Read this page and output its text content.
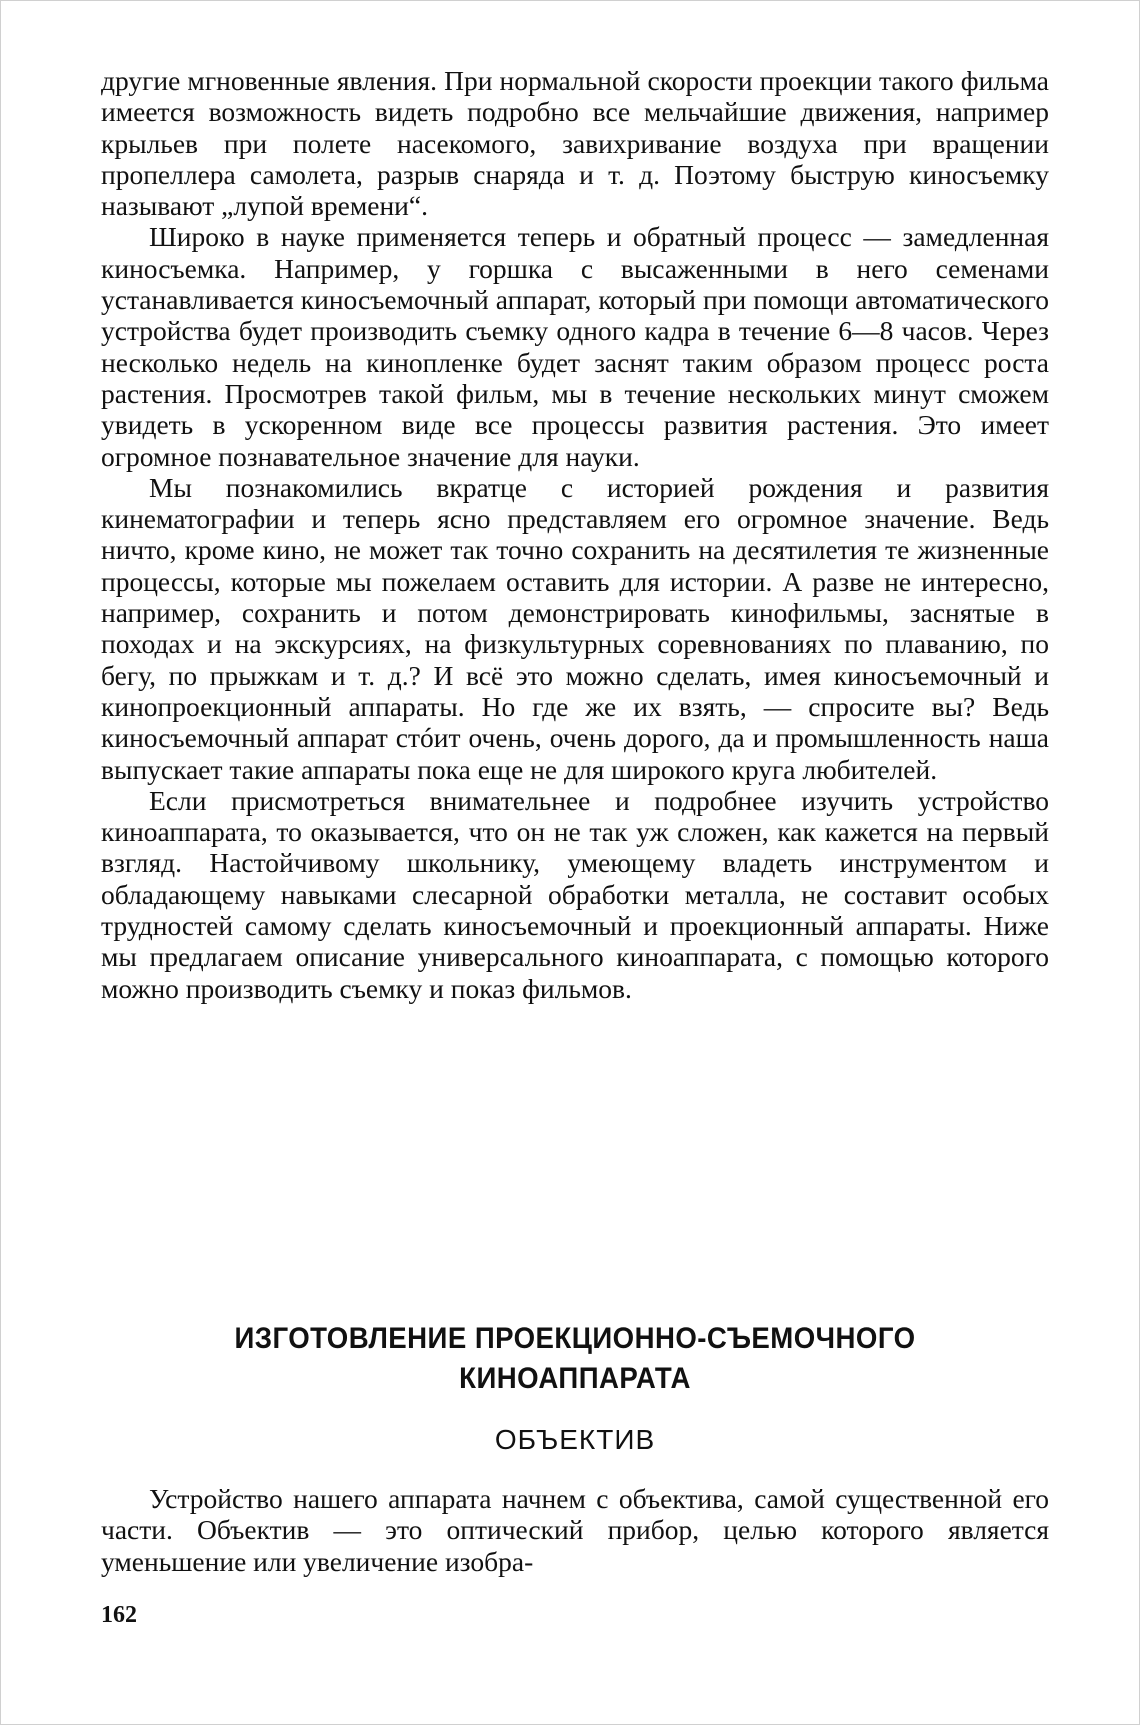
другие мгновенные явления. При нормальной скорости проекции такого фильма имеется возможность видеть подробно все мельчайшие движения, например крыльев при полете насекомого, завихривание воздуха при вращении пропеллера самолета, разрыв снаряда и т. д. Поэтому быструю киносъемку называют „лупой времени“.

Широко в науке применяется теперь и обратный процесс — замедленная киносъемка. Например, у горшка с высаженными в него семенами устанавливается киносъемочный аппарат, который при помощи автоматического устройства будет производить съемку одного кадра в течение 6—8 часов. Через несколько недель на кинопленке будет заснят таким образом процесс роста растения. Просмотрев такой фильм, мы в течение нескольких минут сможем увидеть в ускоренном виде все процессы развития растения. Это имеет огромное познавательное значение для науки.

Мы познакомились вкратце с историей рождения и развития кинематографии и теперь ясно представляем его огромное значение. Ведь ничто, кроме кино, не может так точно сохранить на десятилетия те жизненные процессы, которые мы пожелаем оставить для истории. А разве не интересно, например, сохранить и потом демонстрировать кинофильмы, заснятые в походах и на экскурсиях, на физкультурных соревнованиях по плаванию, по бегу, по прыжкам и т. д.? И всё это можно сделать, имея киносъемочный и кинопроекционный аппараты. Но где же их взять, — спросите вы? Ведь киносъемочный аппарат стóит очень, очень дорого, да и промышленность наша выпускает такие аппараты пока еще не для широкого круга любителей.

Если присмотреться внимательнее и подробнее изучить устройство киноаппарата, то оказывается, что он не так уж сложен, как кажется на первый взгляд. Настойчивому школьнику, умеющему владеть инструментом и обладающему навыками слесарной обработки металла, не составит особых трудностей самому сделать киносъемочный и проекционный аппараты. Ниже мы предлагаем описание универсального киноаппарата, с помощью которого можно производить съемку и показ фильмов.

ИЗГОТОВЛЕНИЕ ПРОЕКЦИОННО-СЪЕМОЧНОГО
КИНОАППАРАТА
ОБЪЕКТИВ

Устройство нашего аппарата начнем с объектива, самой существенной его части. Объектив — это оптический прибор, целью которого является уменьшение или увеличение изобра-

162
